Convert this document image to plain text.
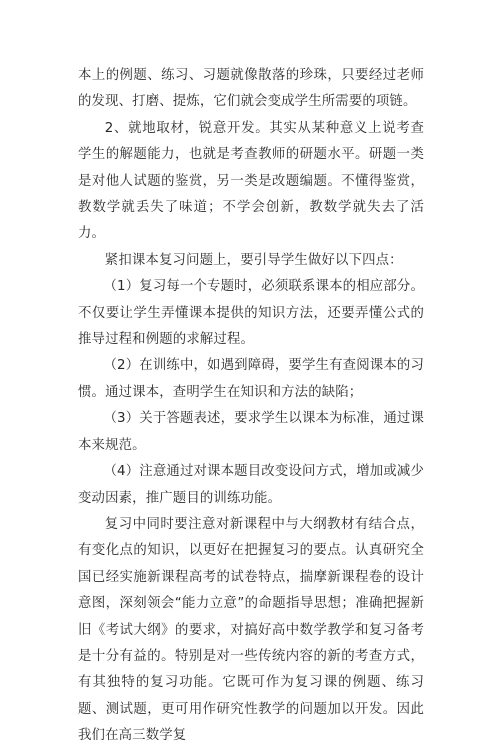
本上的例题、练习、习题就像散落的珍珠，只要经过老师的发现、打磨、提炼，它们就会变成学生所需要的项链。

2、就地取材，锐意开发。其实从某种意义上说考查学生的解题能力，也就是考查教师的研题水平。研题一类是对他人试题的鉴赏，另一类是改题编题。不懂得鉴赏，教数学就丢失了味道；不学会创新，教数学就失去了活力。

紧扣课本复习问题上，要引导学生做好以下四点：

（1）复习每一个专题时，必须联系课本的相应部分。不仅要让学生弄懂课本提供的知识方法，还要弄懂公式的推导过程和例题的求解过程。

（2）在训练中，如遇到障碍，要学生有查阅课本的习惯。通过课本，查明学生在知识和方法的缺陷；

（3）关于答题表述，要求学生以课本为标准，通过课本来规范。

（4）注意通过对课本题目改变设问方式，增加或减少变动因素，推广题目的训练功能。

复习中同时要注意对新课程中与大纲教材有结合点，有变化点的知识，以更好在把握复习的要点。认真研究全国已经实施新课程高考的试卷特点，揣摩新课程卷的设计意图，深刻领会“能力立意”的命题指导思想；准确把握新旧《考试大纲》的要求，对搞好高中数学教学和复习备考是十分有益的。特别是对一些传统内容的新的考查方式，有其独特的复习功能。它既可作为复习课的例题、练习题、测试题，更可用作研究性教学的问题加以开发。因此我们在高三数学复
